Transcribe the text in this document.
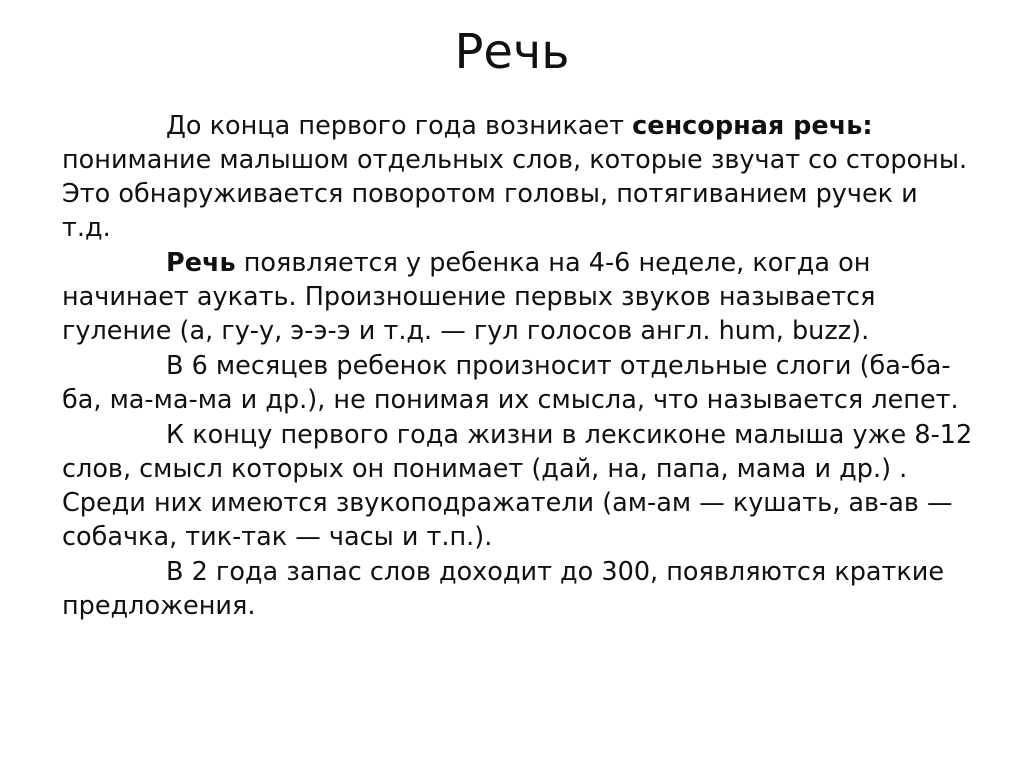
Речь

До конца первого года возникает сенсорная речь: понимание малышом отдельных слов, которые звучат со стороны. Это обнаруживается поворотом головы, потягиванием ручек и т.д.

Речь появляется у ребенка на 4-6 неделе, когда он начинает аукать. Произношение первых звуков называется гуление (а, гу-у, э-э-э и т.д. — гул голосов англ. hum, buzz).

В 6 месяцев ребенок произносит отдельные слоги (ба-ба-ба, ма-ма-ма и др.), не понимая их смысла, что называется лепет.

К концу первого года жизни в лексиконе малыша уже 8-12 слов, смысл которых он понимает (дай, на, папа, мама и др.) . Среди них имеются звукоподражатели (ам-ам — кушать, ав-ав — собачка, тик-так — часы и т.п.).

В 2 года запас слов доходит до 300, появляются краткие предложения.
